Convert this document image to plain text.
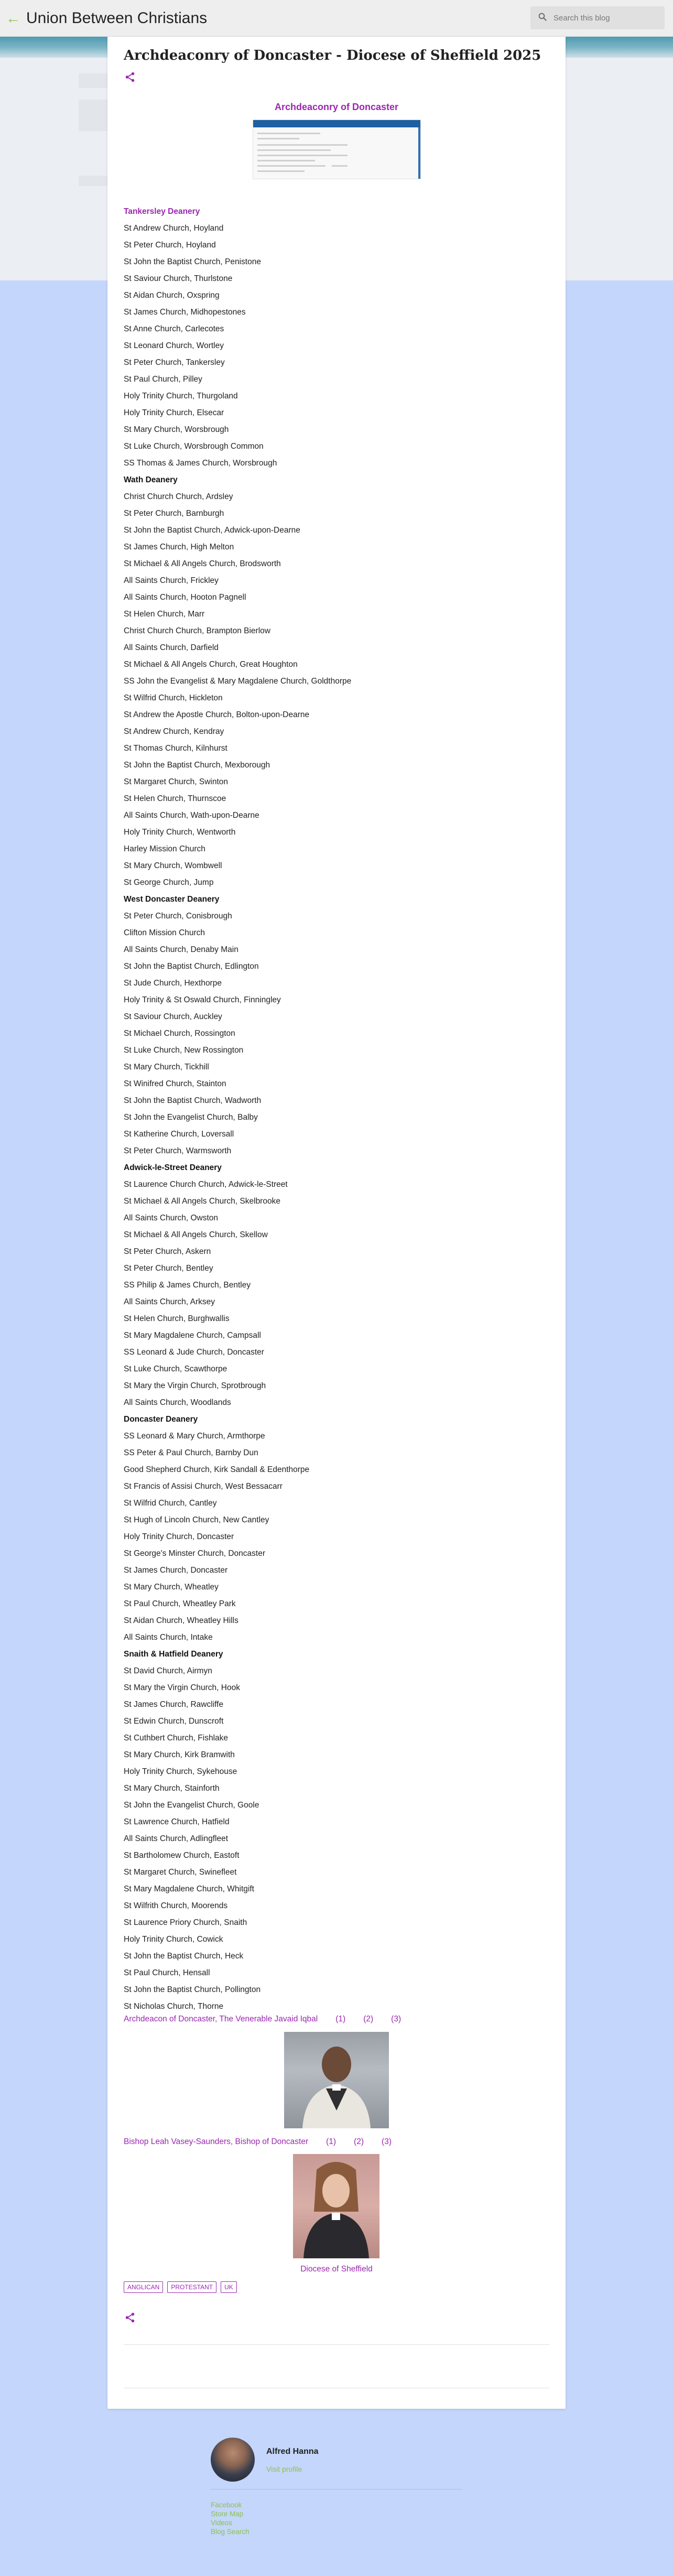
← Union Between Christians	Search this blog
Archdeaconry of Doncaster - Diocese of Sheffield 2025
Archdeaconry of Doncaster
Tankersley Deanery
St Andrew Church, Hoyland
St Peter Church, Hoyland
St John the Baptist Church, Penistone
St Saviour Church, Thurlstone
St Aidan Church, Oxspring
St James Church, Midhopestones
St Anne Church, Carlecotes
St Leonard Church, Wortley
St Peter Church, Tankersley
St Paul Church, Pilley
Holy Trinity Church, Thurgoland
Holy Trinity Church, Elsecar
St Mary Church, Worsbrough
St Luke Church, Worsbrough Common
SS Thomas & James Church, Worsbrough
Wath Deanery
Christ Church Church, Ardsley
St Peter Church, Barnburgh
St John the Baptist Church, Adwick-upon-Dearne
St James Church, High Melton
St Michael & All Angels Church, Brodsworth
All Saints Church, Frickley
All Saints Church, Hooton Pagnell
St Helen Church, Marr
Christ Church Church, Brampton Bierlow
All Saints Church, Darfield
St Michael & All Angels Church, Great Houghton
SS John the Evangelist & Mary Magdalene Church, Goldthorpe
St Wilfrid Church, Hickleton
St Andrew the Apostle Church, Bolton-upon-Dearne
St Andrew Church, Kendray
St Thomas Church, Kilnhurst
St John the Baptist Church, Mexborough
St Margaret Church, Swinton
St Helen Church, Thurnscoe
All Saints Church, Wath-upon-Dearne
Holy Trinity Church, Wentworth
Harley Mission Church
St Mary Church, Wombwell
St George Church, Jump
West Doncaster Deanery
St Peter Church, Conisbrough
Clifton Mission Church
All Saints Church, Denaby Main
St John the Baptist Church, Edlington
St Jude Church, Hexthorpe
Holy Trinity & St Oswald Church, Finningley
St Saviour Church, Auckley
St Michael Church, Rossington
St Luke Church, New Rossington
St Mary Church, Tickhill
St Winifred Church, Stainton
St John the Baptist Church, Wadworth
St John the Evangelist Church, Balby
St Katherine Church, Loversall
St Peter Church, Warmsworth
Adwick-le-Street Deanery
St Laurence Church Church, Adwick-le-Street
St Michael & All Angels Church, Skelbrooke
All Saints Church, Owston
St Michael & All Angels Church, Skellow
St Peter Church, Askern
St Peter Church, Bentley
SS Philip & James Church, Bentley
All Saints Church, Arksey
St Helen Church, Burghwallis
St Mary Magdalene Church, Campsall
SS Leonard & Jude Church, Doncaster
St Luke Church, Scawthorpe
St Mary the Virgin Church, Sprotbrough
All Saints Church, Woodlands
Doncaster Deanery
SS Leonard & Mary Church, Armthorpe
SS Peter & Paul Church, Barnby Dun
Good Shepherd Church, Kirk Sandall & Edenthorpe
St Francis of Assisi Church, West Bessacarr
St Wilfrid Church, Cantley
St Hugh of Lincoln Church, New Cantley
Holy Trinity Church, Doncaster
St George's Minster Church, Doncaster
St James Church, Doncaster
St Mary Church, Wheatley
St Paul Church, Wheatley Park
St Aidan Church, Wheatley Hills
All Saints Church, Intake
Snaith & Hatfield Deanery
St David Church, Airmyn
St Mary the Virgin Church, Hook
St James Church, Rawcliffe
St Edwin Church, Dunscroft
St Cuthbert Church, Fishlake
St Mary Church, Kirk Bramwith
Holy Trinity Church, Sykehouse
St Mary Church, Stainforth
St John the Evangelist Church, Goole
St Lawrence Church, Hatfield
All Saints Church, Adlingfleet
St Bartholomew Church, Eastoft
St Margaret Church, Swinefleet
St Mary Magdalene Church, Whitgift
St Wilfrith Church, Moorends
St Laurence Priory Church, Snaith
Holy Trinity Church, Cowick
St John the Baptist Church, Heck
St Paul Church, Hensall
St John the Baptist Church, Pollington
St Nicholas Church, Thorne
Archdeacon of Doncaster, The Venerable Javaid Iqbal (1) (2) (3)
Bishop Leah Vasey-Saunders, Bishop of Doncaster (1) (2) (3)
Diocese of Sheffield
ANGLICAN	PROTESTANT	UK
Alfred Hanna
Visit profile
Facebook
Store Map
Videos
Blog Search
